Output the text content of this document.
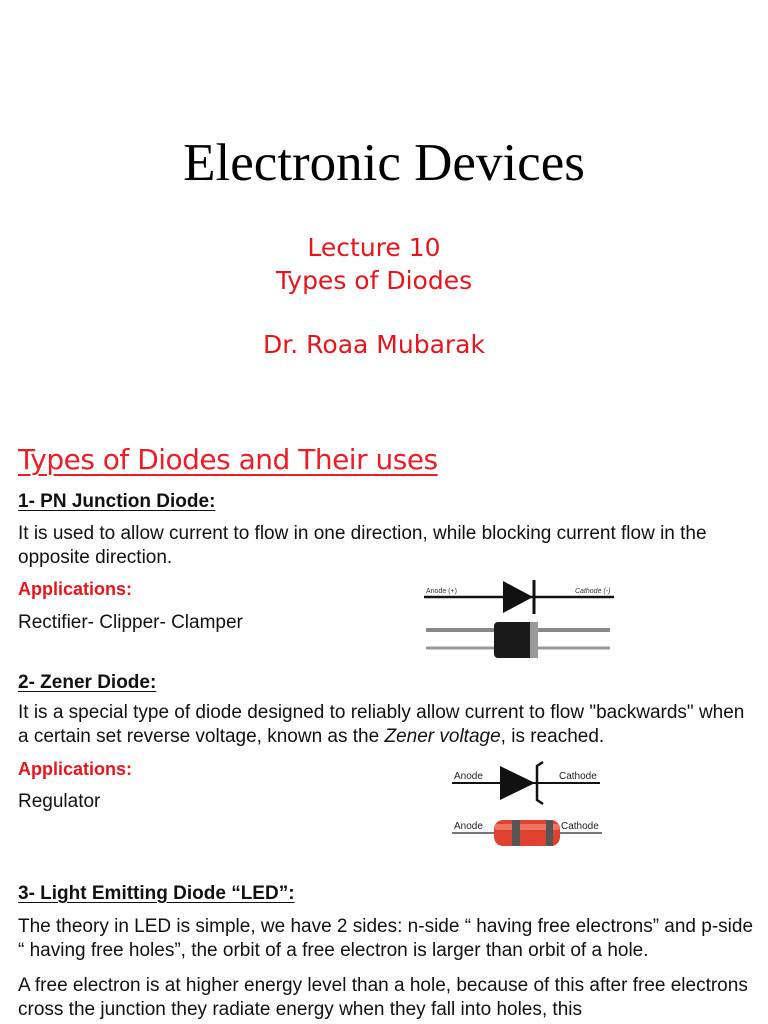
Electronic Devices
Lecture 10
Types of Diodes
Dr. Roaa Mubarak
Types of Diodes and Their uses
1- PN Junction Diode:
It is used to allow current to flow in one direction, while blocking current flow in the opposite direction.
Applications:
Rectifier- Clipper- Clamper
Anode (+)	Cathode (-)
2- Zener Diode:
It is a special type of diode designed to reliably allow current to flow "backwards" when a certain set reverse voltage, known as the Zener voltage, is reached.
Applications:
Regulator
Anode	Cathode
Anode	Cathode
3- Light Emitting Diode “LED”:
The theory in LED is simple, we have 2 sides: n-side “ having free electrons” and p-side “ having free holes”, the orbit of a free electron is larger than orbit of a hole.
A free electron is at higher energy level than a hole, because of this after free electrons cross the junction they radiate energy when they fall into holes, this
